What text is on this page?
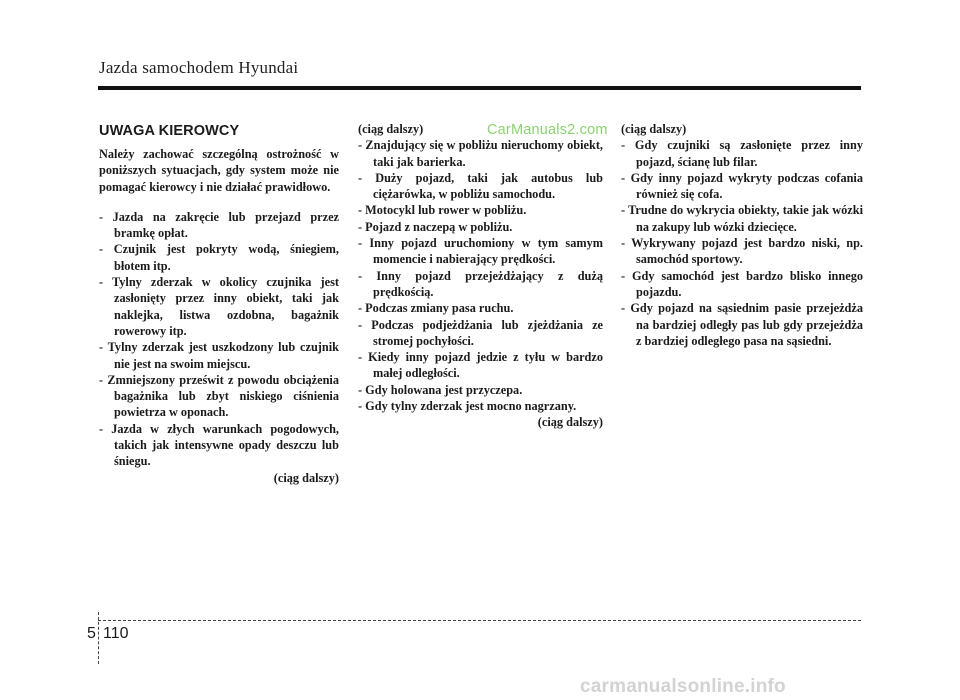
Jazda samochodem Hyundai
CarManuals2.com
UWAGA KIEROWCY
Należy zachować szczególną ostrożność w poniższych sytuacjach, gdy system może nie pomagać kierowcy i nie działać prawidłowo.
- Jazda na zakręcie lub przejazd przez bramkę opłat.
- Czujnik jest pokryty wodą, śniegiem, błotem itp.
- Tylny zderzak w okolicy czujnika jest zasłonięty przez inny obiekt, taki jak naklejka, listwa ozdobna, bagażnik rowerowy itp.
- Tylny zderzak jest uszkodzony lub czujnik nie jest na swoim miejscu.
- Zmniejszony prześwit z powodu obciążenia bagażnika lub zbyt niskiego ciśnienia powietrza w oponach.
- Jazda w złych warunkach pogodowych, takich jak intensywne opady deszczu lub śniegu.
(ciąg dalszy)
(ciąg dalszy)
- Znajdujący się w pobliżu nieruchomy obiekt, taki jak barierka.
- Duży pojazd, taki jak autobus lub ciężarówka, w pobliżu samochodu.
- Motocykl lub rower w pobliżu.
- Pojazd z naczepą w pobliżu.
- Inny pojazd uruchomiony w tym samym momencie i nabierający prędkości.
- Inny pojazd przejeżdżający z dużą prędkością.
- Podczas zmiany pasa ruchu.
- Podczas podjeżdżania lub zjeżdżania ze stromej pochyłości.
- Kiedy inny pojazd jedzie z tyłu w bardzo małej odległości.
- Gdy holowana jest przyczepa.
- Gdy tylny zderzak jest mocno nagrzany.
(ciąg dalszy)
(ciąg dalszy)
- Gdy czujniki są zasłonięte przez inny pojazd, ścianę lub filar.
- Gdy inny pojazd wykryty podczas cofania również się cofa.
- Trudne do wykrycia obiekty, takie jak wózki na zakupy lub wózki dziecięce.
- Wykrywany pojazd jest bardzo niski, np. samochód sportowy.
- Gdy samochód jest bardzo blisko innego pojazdu.
- Gdy pojazd na sąsiednim pasie przejeżdża na bardziej odległy pas lub gdy przejeżdża z bardziej odległego pasa na sąsiedni.
5 110
carmanualsonline.info
